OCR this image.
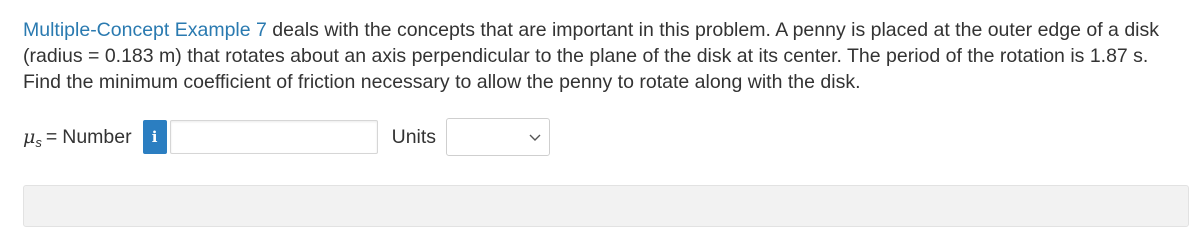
Multiple-Concept Example 7 deals with the concepts that are important in this problem. A penny is placed at the outer edge of a disk (radius = 0.183 m) that rotates about an axis perpendicular to the plane of the disk at its center. The period of the rotation is 1.87 s. Find the minimum coefficient of friction necessary to allow the penny to rotate along with the disk.

μ s = Number	i	Units
